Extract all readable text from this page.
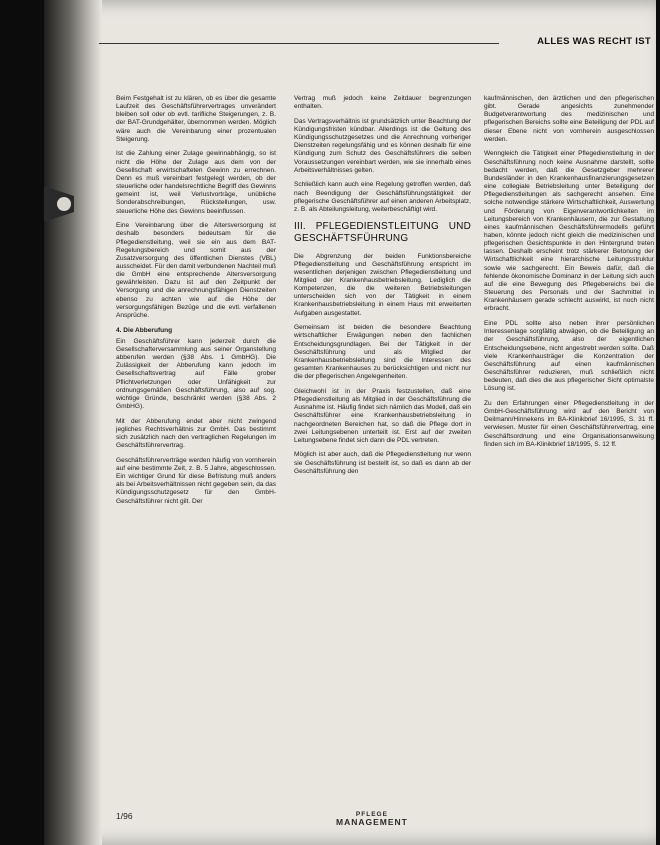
ALLES WAS RECHT IST

Beim Festgehalt ist zu klären, ob es über die gesamte Laufzeit des Geschäftsführervertrages unverändert bleiben soll oder ob evtl. tarifliche Steigerungen, z. B. der BAT-Grundgehälter, übernommen werden. Möglich wäre auch die Vereinbarung einer prozentualen Steigerung.

Ist die Zahlung einer Zulage gewinnabhängig, so ist nicht die Höhe der Zulage aus dem von der Gesellschaft erwirtschafteten Gewinn zu errechnen. Denn es muß vereinbart festgelegt werden, ob der steuerliche oder handelsrechtliche Begriff des Gewinns gemeint ist, weil Verlustvorträge, unübliche Sonderabschreibungen, Rückstellungen, usw. steuerliche Höhe des Gewinns beeinflussen.

Eine Vereinbarung über die Altersversorgung ist deshalb besonders bedeutsam für die Pflegedienstleitung, weil sie ein aus dem BAT-Regelungsbereich und somit aus der Zusatzversorgung des öffentlichen Dienstes (VBL) ausscheidet. Für den damit verbundenen Nachteil muß die GmbH eine entsprechende Altersversorgung gewährleisten. Dazu ist auf den Zeitpunkt der Versorgung und die anrechnungsfähigen Dienstzeiten ebenso zu achten wie auf die Höhe der versorgungsfähigen Bezüge und die evtl. verfallenen Ansprüche.

4. Die Abberufung

Ein Geschäftsführer kann jederzeit durch die Gesellschafterversammlung aus seiner Organstellung abberufen werden (§38 Abs. 1 GmbHG). Die Zulässigkeit der Abberufung kann jedoch im Gesellschaftsvertrag auf Fälle grober Pflichtverletzungen oder Unfähigkeit zur ordnungsgemäßen Geschäftsführung, also auf sog. wichtige Gründe, beschränkt werden (§38 Abs. 2 GmbHG).

Mit der Abberufung endet aber nicht zwingend jegliches Rechtsverhältnis zur GmbH. Das bestimmt sich zusätzlich nach den vertraglichen Regelungen im Geschäftsführervertrag.

Geschäftsführerverträge werden häufig von vornherein auf eine bestimmte Zeit, z. B. 5 Jahre, abgeschlossen. Ein wichtiger Grund für diese Befristung muß anders als bei Arbeitsverhältnissen nicht gegeben sein, da das Kündigungsschutzgesetz für den GmbH-Geschäftsführer nicht gilt. Der

Vertrag muß jedoch keine Zeitdauer begrenzungen enthalten.

Das Vertragsverhältnis ist grundsätzlich unter Beachtung der Kündigungsfristen kündbar. Allerdings ist die Geltung des Kündigungsschutzgesetzes und die Anrechnung vorheriger Dienstzeiten regelungsfähig und es können deshalb für eine Kündigung zum Schutz des Geschäftsführers die selben Voraussetzungen vereinbart werden, wie sie innerhalb eines Arbeitsverhältnisses gelten.

Schließlich kann auch eine Regelung getroffen werden, daß nach Beendigung der Geschäftsführungstätigkeit der pflegerische Geschäftsführer auf einen anderen Arbeitsplatz, z. B. als Abteilungsleitung, weiterbeschäftigt wird.

III. PFLEGEDIENSTLEITUNG UND GESCHÄFTSFÜHRUNG

Die Abgrenzung der beiden Funktionsbereiche Pflegedienstleitung und Geschäftsführung entspricht im wesentlichen derjenigen zwischen Pflegedienstleitung und Mitglied der Krankenhausbetriebsleitung. Lediglich die Kompetenzen, die die weiteren Betriebsleitungen unterscheiden sich von der Tätigkeit in einem Krankenhausbetriebsleitung in einem Haus mit erweiterten Aufgaben ausgestattet.

Gemeinsam ist beiden die besondere Beachtung wirtschaftlicher Erwägungen neben den fachlichen Entscheidungsgrundlagen. Bei der Tätigkeit in der Geschäftsführung und als Mitglied der Krankenhausbetriebsleitung sind die Interessen des gesamten Krankenhauses zu berücksichtigen und nicht nur die der pflegerischen Angelegenheiten.

Gleichwohl ist in der Praxis festzustellen, daß eine Pflegedienstleitung als Mitglied in der Geschäftsführung die Ausnahme ist. Häufig findet sich nämlich das Modell, daß ein Geschäftsführer eine Krankenhausbetriebsleitung in nachgeordneten Bereichen hat, so daß die Pflege dort in zwei Leitungsebenen unterteilt ist. Erst auf der zweiten Leitungsebene findet sich dann die PDL vertreten.

Möglich ist aber auch, daß die Pflegedienstleitung nur wenn sie Geschäftsführung ist bestellt ist, so daß es dann ab der Geschäftsführung den

kaufmännischen, den ärztlichen und den pflegerischen gibt. Gerade angesichts zunehmender Budgetverantwortung des medizinischen und pflegerischen Bereichs sollte eine Beteiligung der PDL auf dieser Ebene nicht von vornherein ausgeschlossen werden.

Wenngleich die Tätigkeit einer Pflegedienstleitung in der Geschäftsführung noch keine Ausnahme darstellt, sollte bedacht werden, daß die Gesetzgeber mehrerer Bundesländer in den Krankenhausfinanzierungsgesetzen eine collegiale Betriebsleitung unter Beteiligung der Pflegedienstleitungen als sachgerecht ansehen. Eine solche notwendige stärkere Wirtschaftlichkeit, Auswertung und Förderung von Eigenverantwortlichkeiten im Leitungsbereich von Krankenhäusern, die zur Gestaltung eines kaufmännischen Geschäftsführermodells geführt haben, könnte jedoch nicht gleich die medizinischen und pflegerischen Gesichtspunkte in den Hintergrund treten lassen. Deshalb erscheint trotz stärkerer Betonung der Wirtschaftlichkeit eine hierarchische Leitungsstruktur sowie wie sachgerecht. Ein Beweis dafür, daß die fehlende ökonomische Dominanz in der Leitung sich auch auf die eine Bewegung des Pflegebereichs bei die Steuerung des Personals und der Sachmittel in Krankenhäusern gerade schlecht auswirkt, ist noch nicht erbracht.

Eine PDL sollte also neben ihrer persönlichen Interessenlage sorgfältig abwägen, ob die Beteiligung an der Geschäftsführung, also der eigentlichen Entscheidungsebene, nicht angestrebt werden sollte. Daß viele Krankenhausträger die Konzentration der Geschäftsführung auf einen kaufmännischen Geschäftsführer reduzieren, muß schließlich nicht bedeuten, daß dies die aus pflegerischer Sicht optimalste Lösung ist.

Zu den Erfahrungen einer Pflegedienstleitung in der GmbH-Geschäftsführung wird auf den Bericht von Deilmann/Hinnekens im BA-Klinikbrief 16/1995, S. 31 ff. verwiesen. Muster für einen Geschäftsführervertrag, eine Geschäftsordnung und eine Organisationsanweisung finden sich im BA-Klinikbrief 18/1995, S. 12 ff.

1/96	PFLEGE
MANAGEMENT
